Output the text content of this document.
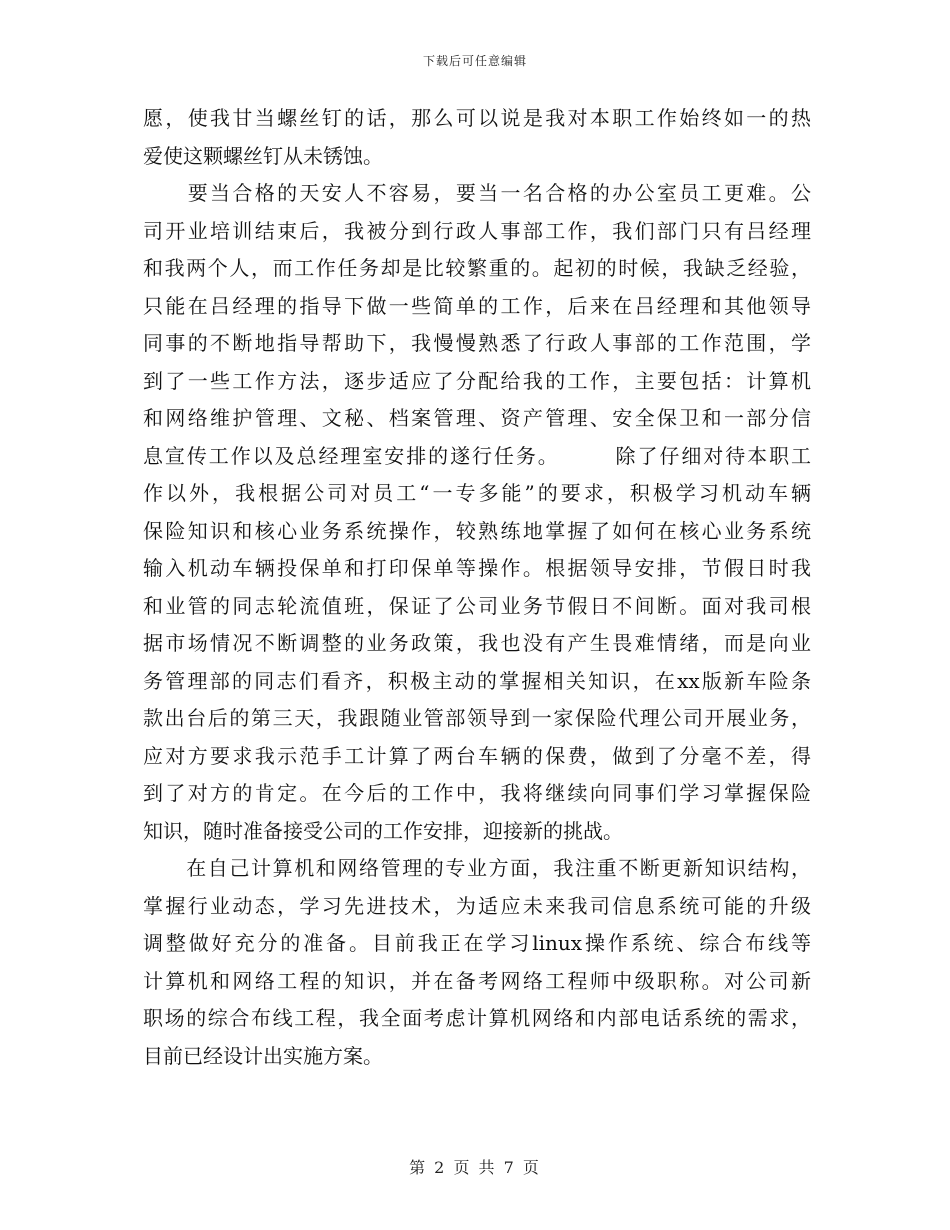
下载后可任意编辑
愿，使我甘当螺丝钉的话，那么可以说是我对本职工作始终如一的热
爱使这颗螺丝钉从未锈蚀。
　　要当合格的天安人不容易，要当一名合格的办公室员工更难。公
司开业培训结束后，我被分到行政人事部工作，我们部门只有吕经理
和我两个人，而工作任务却是比较繁重的。起初的时候，我缺乏经验，
只能在吕经理的指导下做一些简单的工作，后来在吕经理和其他领导
同事的不断地指导帮助下，我慢慢熟悉了行政人事部的工作范围，学
到了一些工作方法，逐步适应了分配给我的工作，主要包括：计算机
和网络维护管理、文秘、档案管理、资产管理、安全保卫和一部分信
息宣传工作以及总经理室安排的遂行任务。　　　除了仔细对待本职工
作以外，我根据公司对员工“一专多能”的要求，积极学习机动车辆
保险知识和核心业务系统操作，较熟练地掌握了如何在核心业务系统
输入机动车辆投保单和打印保单等操作。根据领导安排，节假日时我
和业管的同志轮流值班，保证了公司业务节假日不间断。面对我司根
据市场情况不断调整的业务政策，我也没有产生畏难情绪，而是向业
务管理部的同志们看齐，积极主动的掌握相关知识，在xx版新车险条
款出台后的第三天，我跟随业管部领导到一家保险代理公司开展业务，
应对方要求我示范手工计算了两台车辆的保费，做到了分毫不差，得
到了对方的肯定。在今后的工作中，我将继续向同事们学习掌握保险
知识，随时准备接受公司的工作安排，迎接新的挑战。
　　在自己计算机和网络管理的专业方面，我注重不断更新知识结构，
掌握行业动态，学习先进技术，为适应未来我司信息系统可能的升级
调整做好充分的准备。目前我正在学习linux操作系统、综合布线等
计算机和网络工程的知识，并在备考网络工程师中级职称。对公司新
职场的综合布线工程，我全面考虑计算机网络和内部电话系统的需求，
目前已经设计出实施方案。
第 2 页 共 7 页
